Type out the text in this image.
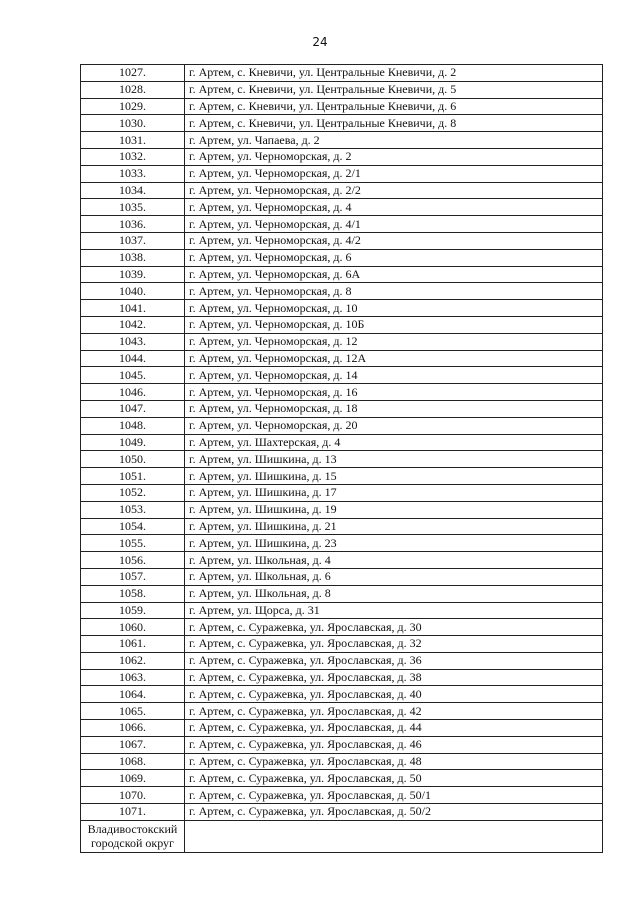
24
1027.	г. Артем, с. Кневичи, ул. Центральные Кневичи, д. 2
1028.	г. Артем, с. Кневичи, ул. Центральные Кневичи, д. 5
1029.	г. Артем, с. Кневичи, ул. Центральные Кневичи, д. 6
1030.	г. Артем, с. Кневичи, ул. Центральные Кневичи, д. 8
1031.	г. Артем, ул. Чапаева, д. 2
1032.	г. Артем, ул. Черноморская, д. 2
1033.	г. Артем, ул. Черноморская, д. 2/1
1034.	г. Артем, ул. Черноморская, д. 2/2
1035.	г. Артем, ул. Черноморская, д. 4
1036.	г. Артем, ул. Черноморская, д. 4/1
1037.	г. Артем, ул. Черноморская, д. 4/2
1038.	г. Артем, ул. Черноморская, д. 6
1039.	г. Артем, ул. Черноморская, д. 6А
1040.	г. Артем, ул. Черноморская, д. 8
1041.	г. Артем, ул. Черноморская, д. 10
1042.	г. Артем, ул. Черноморская, д. 10Б
1043.	г. Артем, ул. Черноморская, д. 12
1044.	г. Артем, ул. Черноморская, д. 12А
1045.	г. Артем, ул. Черноморская, д. 14
1046.	г. Артем, ул. Черноморская, д. 16
1047.	г. Артем, ул. Черноморская, д. 18
1048.	г. Артем, ул. Черноморская, д. 20
1049.	г. Артем, ул. Шахтерская, д. 4
1050.	г. Артем, ул. Шишкина, д. 13
1051.	г. Артем, ул. Шишкина, д. 15
1052.	г. Артем, ул. Шишкина, д. 17
1053.	г. Артем, ул. Шишкина, д. 19
1054.	г. Артем, ул. Шишкина, д. 21
1055.	г. Артем, ул. Шишкина, д. 23
1056.	г. Артем, ул. Школьная, д. 4
1057.	г. Артем, ул. Школьная, д. 6
1058.	г. Артем, ул. Школьная, д. 8
1059.	г. Артем, ул. Щорса, д. 31
1060.	г. Артем, с. Суражевка, ул. Ярославская, д. 30
1061.	г. Артем, с. Суражевка, ул. Ярославская, д. 32
1062.	г. Артем, с. Суражевка, ул. Ярославская, д. 36
1063.	г. Артем, с. Суражевка, ул. Ярославская, д. 38
1064.	г. Артем, с. Суражевка, ул. Ярославская, д. 40
1065.	г. Артем, с. Суражевка, ул. Ярославская, д. 42
1066.	г. Артем, с. Суражевка, ул. Ярославская, д. 44
1067.	г. Артем, с. Суражевка, ул. Ярославская, д. 46
1068.	г. Артем, с. Суражевка, ул. Ярославская, д. 48
1069.	г. Артем, с. Суражевка, ул. Ярославская, д. 50
1070.	г. Артем, с. Суражевка, ул. Ярославская, д. 50/1
1071.	г. Артем, с. Суражевка, ул. Ярославская, д. 50/2
Владивостокский городской округ	
